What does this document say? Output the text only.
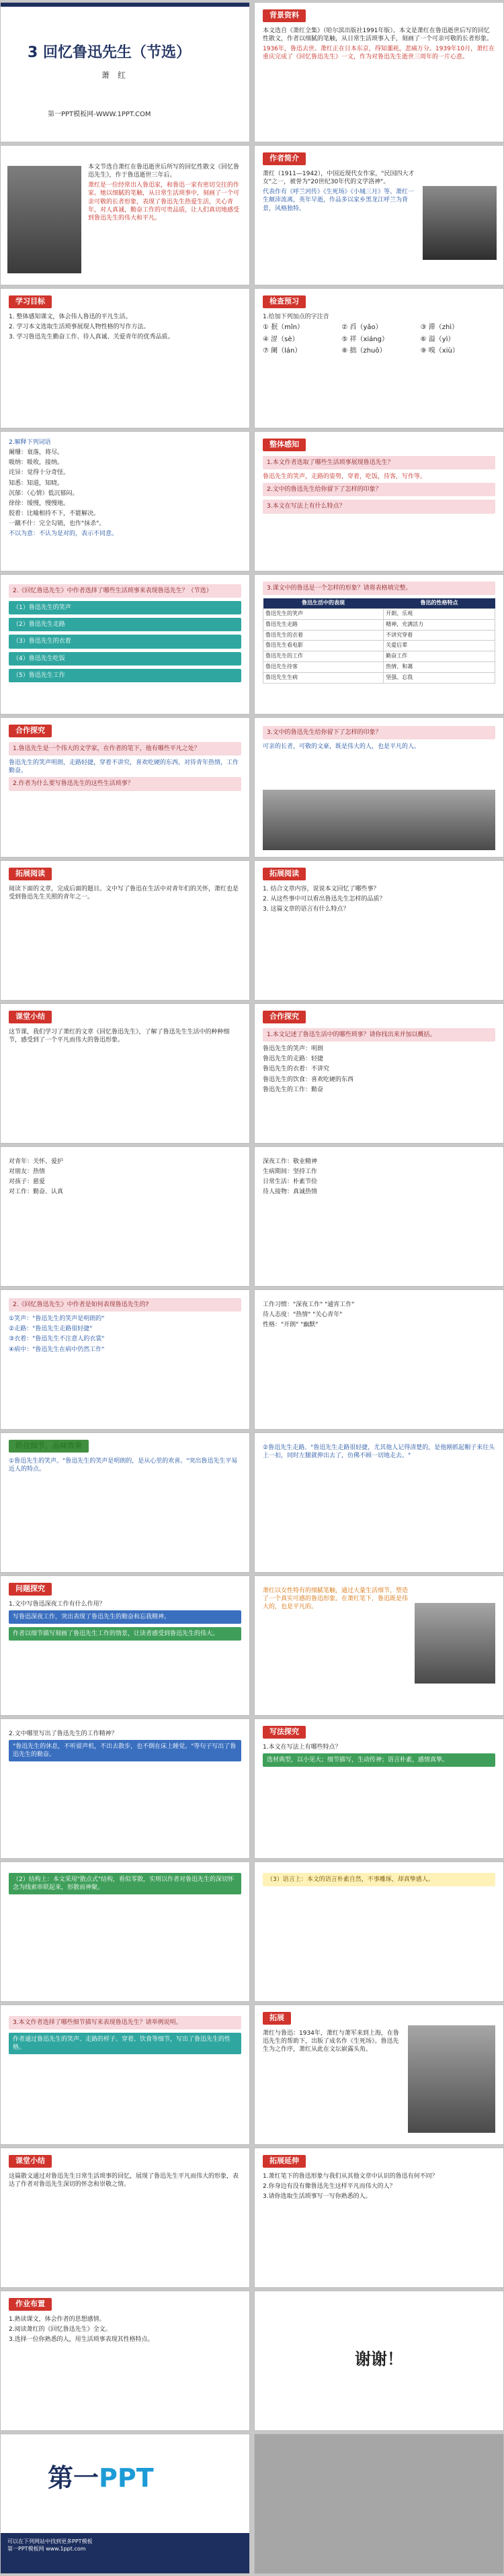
第一单元
3 回忆鲁迅先生（节选）
萧　红
第一PPT模板网-WWW.1PPT.COM
背景资料

本文选自《萧红全集》（哈尔滨出版社1991年版）。本文是萧红在鲁迅逝世后写的回忆性散文，作者以细腻的笔触，从日常生活琐事入手，刻画了一个可亲可敬的长者形象。

1936年，鲁迅去世。萧红正在日本东京，得知噩耗，悲痛万分。1939年10月，萧红在重庆完成了《回忆鲁迅先生》一文，作为对鲁迅先生逝世三周年的一片心意。

本文节选自萧红在鲁迅逝世后所写的回忆性散文《回忆鲁迅先生》，作于鲁迅逝世三年后。

萧红是一位经常出入鲁迅家，和鲁迅一家有密切交往的作家。她以细腻的笔触，从日常生活琐事中，刻画了一个可亲可敬的长者形象，表现了鲁迅先生热爱生活，关心青年，对人真诚，勤奋工作的可贵品质，让人们真切地感受到鲁迅先生的伟大和平凡。

作者简介

萧红（1911—1942），中国近现代女作家，"民国四大才女"之一，被誉为"20世纪30年代的文学洛神"。

代表作有《呼兰河传》《生死场》《小城三月》等。萧红一生颠沛流离，英年早逝，作品多以家乡黑龙江呼兰为背景，风格独特。

学习目标

1. 整体感知课文，体会伟人鲁迅的平凡生活。

2. 学习本文选取生活琐事展现人物性格的写作方法。

3. 学习鲁迅先生勤奋工作、待人真诚、关爱青年的优秀品质。

检查预习

1.给加下列加点的字注音

① 抿（mǐn）	② 舀（yǎo）	③ 滞（zhì）
④ 涩（sè）	⑤ 祥（xiáng）	⑥ 溢（yì）
⑦ 阑（lán）	⑧ 拙（zhuō）	⑨ 嗅（xiù）

2.解释下列词语

阑珊：衰落，将尽。

吸纳：吸收，接纳。

诧异：觉得十分奇怪。

知悉：知道，知晓。

沉郁：（心情）低沉郁闷。

徐徐：缓慢，慢慢地。

胶着：比喻相持不下，不能解决。

一蹴不什：完全勾销，也作"抹杀"。

不以为意：不认为是对的，表示不同意。

整体感知
1.本文作者选取了哪些生活琐事展现鲁迅先生？

鲁迅先生的笑声，走路的姿势，穿着，吃饭，待客，写作等。

2.文中的鲁迅先生给你留下了怎样的印象？
3.本文在写法上有什么特点？
2.《回忆鲁迅先生》中作者选择了哪些生活琐事来表现鲁迅先生？（节选）
（1）鲁迅先生的笑声
（2）鲁迅先生走路
（3）鲁迅先生的衣着
（4）鲁迅先生吃饭
（5）鲁迅先生工作
3.课文中的鲁迅是一个怎样的形象？请将表格填完整。
鲁迅生活中的表现	鲁迅的性格特点
鲁迅先生的笑声	开朗、乐观
鲁迅先生走路	精神，充满活力
鲁迅先生的衣着	不讲究穿着
鲁迅先生看电影	关爱后辈
鲁迅先生的工作	勤奋工作
鲁迅先生待客	热情、和蔼
鲁迅先生生病	坚强、忘我
合作探究
1.鲁迅先生是一个伟大的文学家，在作者的笔下，他有哪些平凡之处？

鲁迅先生的笑声明朗，走路轻捷，穿着不讲究，喜欢吃硬的东西，对待青年热情，工作勤奋。

2.作者为什么要写鲁迅先生的这些生活琐事？
3.文中的鲁迅先生给你留下了怎样的印象？

可亲的长者，可敬的文豪，既是伟大的人，也是平凡的人。

拓展阅读

阅读下面的文章，完成后面的题目。文中写了鲁迅在生活中对青年们的关怀，萧红也是受到鲁迅先生关照的青年之一。

拓展阅读

1. 结合文章内容，说说本文回忆了哪些事？

2. 从这些事中可以看出鲁迅先生怎样的品质？

3. 这篇文章的语言有什么特点？

课堂小结

这节课，我们学习了萧红的文章《回忆鲁迅先生》，了解了鲁迅先生生活中的种种细节，感受到了一个平凡而伟大的鲁迅形象。

合作探究
1.本文记述了鲁迅生活中的哪些琐事？请你找出来并加以概括。

鲁迅先生的笑声：明朗

鲁迅先生的走路：轻捷

鲁迅先生的衣着：不讲究

鲁迅先生的饮食：喜欢吃硬的东西

鲁迅先生的工作：勤奋

对青年：关怀、爱护

对朋友：热情

对孩子：慈爱

对工作：勤奋、认真

深夜工作：敬业精神

生病期间：坚持工作

日常生活：朴素节俭

待人接物：真诚热情

2.《回忆鲁迅先生》中作者是如何表现鲁迅先生的?

①笑声："鲁迅先生的笑声是明朗的"

②走路："鲁迅先生走路很轻捷"

③衣着："鲁迅先生不注意人的衣裳"

④病中："鲁迅先生在病中仍然工作"

工作习惯："深夜工作" "通宵工作"

待人态度："热情" "关心青年"

性格："开朗" "幽默"

抓住细节，品味效果

①鲁迅先生的笑声。"鲁迅先生的笑声是明朗的，是从心里的欢喜。"突出鲁迅先生平易近人的特点。

②鲁迅先生走路。"鲁迅先生走路很轻捷，尤其他人记得清楚的，是他刚抓起帽子来往头上一扣，同时左腿就伸出去了，仿佛不顾一切地走去。"

问题探究

1.文中写鲁迅深夜工作有什么作用？

写鲁迅深夜工作，突出表现了鲁迅先生的勤奋和忘我精神。
作者以细节描写刻画了鲁迅先生工作的情景，让读者感受到鲁迅先生的伟大。

萧红以女性特有的细腻笔触，通过大量生活细节，塑造了一个真实可感的鲁迅形象。在萧红笔下，鲁迅既是伟大的，也是平凡的。

2.文中哪里写出了鲁迅先生的工作精神？

"鲁迅先生的休息，不听留声机，不出去散步，也不倒在床上睡觉。"等句子写出了鲁迅先生的勤奋。
写法探究

1.本文在写法上有哪些特点？

选材典型，以小见大；细节描写，生动传神；语言朴素，感情真挚。
（2）结构上：本文采用"散点式"结构，看似零散，实则以作者对鲁迅先生的深切怀念为线索串联起来，形散而神聚。
（3）语言上：本文的语言朴素自然，不事雕琢，却真挚感人。
3.本文作者选择了哪些细节描写来表现鲁迅先生？请举例说明。
作者通过鲁迅先生的笑声、走路的样子、穿着、饮食等细节，写出了鲁迅先生的性格。
拓展

萧红与鲁迅：1934年，萧红与萧军来到上海，在鲁迅先生的帮助下，出版了成名作《生死场》。鲁迅先生为之作序，萧红从此在文坛崭露头角。

课堂小结

这篇散文通过对鲁迅先生日常生活琐事的回忆，展现了鲁迅先生平凡而伟大的形象，表达了作者对鲁迅先生深切的怀念和崇敬之情。

拓展延伸

1.萧红笔下的鲁迅形象与我们从其他文章中认识的鲁迅有何不同？

2.你身边有没有像鲁迅先生这样平凡而伟大的人？

3.请你选取生活琐事写一写你熟悉的人。

作业布置

1.熟读课文，体会作者的思想感情。

2.阅读萧红的《回忆鲁迅先生》全文。

3.选择一位你熟悉的人，用生活琐事表现其性格特点。

谢谢！
第一PPT
可以在下列网站中找到更多PPT模板
第一PPT模板网 www.1ppt.com
